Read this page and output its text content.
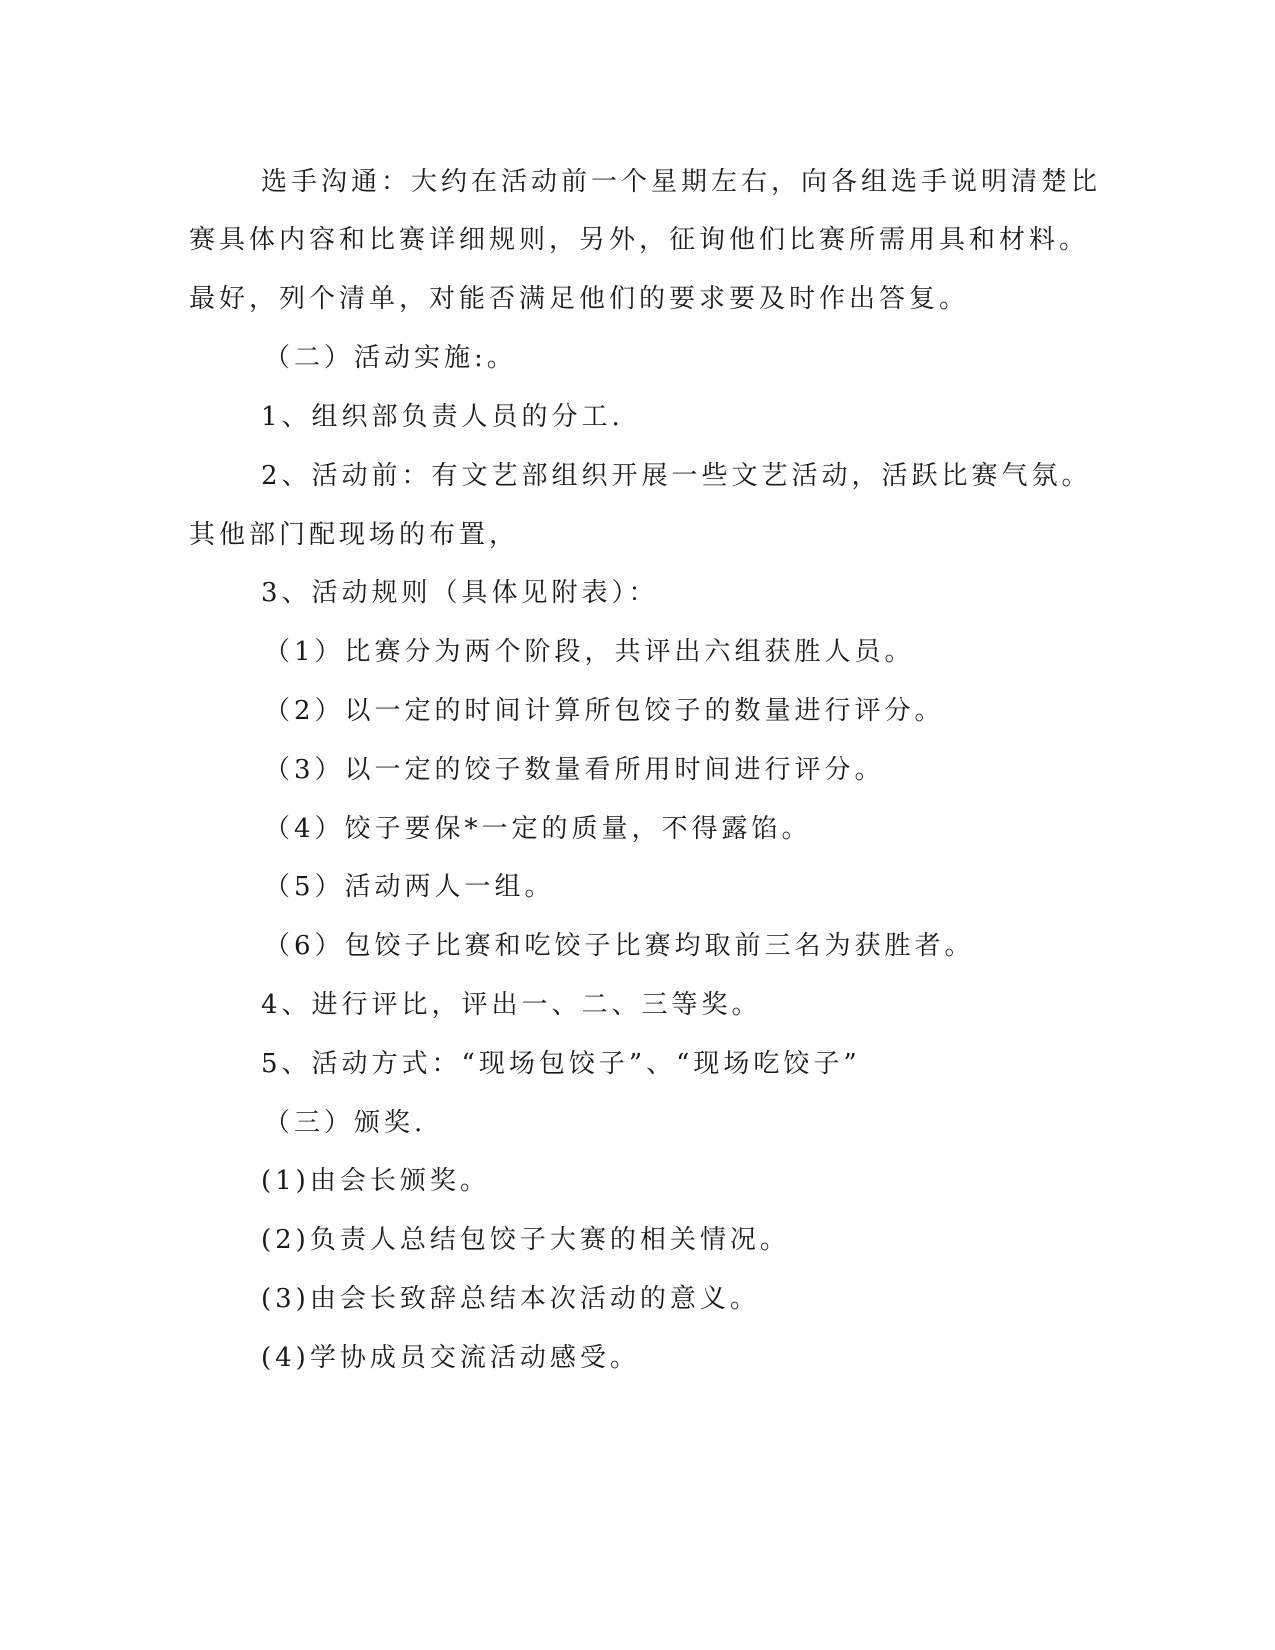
选手沟通：大约在活动前一个星期左右，向各组选手说明清楚比
赛具体内容和比赛详细规则，另外，征询他们比赛所需用具和材料。
最好，列个清单，对能否满足他们的要求要及时作出答复。
（二）活动实施:。
1、组织部负责人员的分工.
2、活动前：有文艺部组织开展一些文艺活动，活跃比赛气氛。
其他部门配现场的布置，
3、活动规则（具体见附表）：
（1）比赛分为两个阶段，共评出六组获胜人员。
（2）以一定的时间计算所包饺子的数量进行评分。
（3）以一定的饺子数量看所用时间进行评分。
（4）饺子要保*一定的质量，不得露馅。
（5）活动两人一组。
（6）包饺子比赛和吃饺子比赛均取前三名为获胜者。
4、进行评比，评出一、二、三等奖。
5、活动方式：“现场包饺子”、“现场吃饺子”
（三）颁奖.
(1)由会长颁奖。
(2)负责人总结包饺子大赛的相关情况。
(3)由会长致辞总结本次活动的意义。
(4)学协成员交流活动感受。
